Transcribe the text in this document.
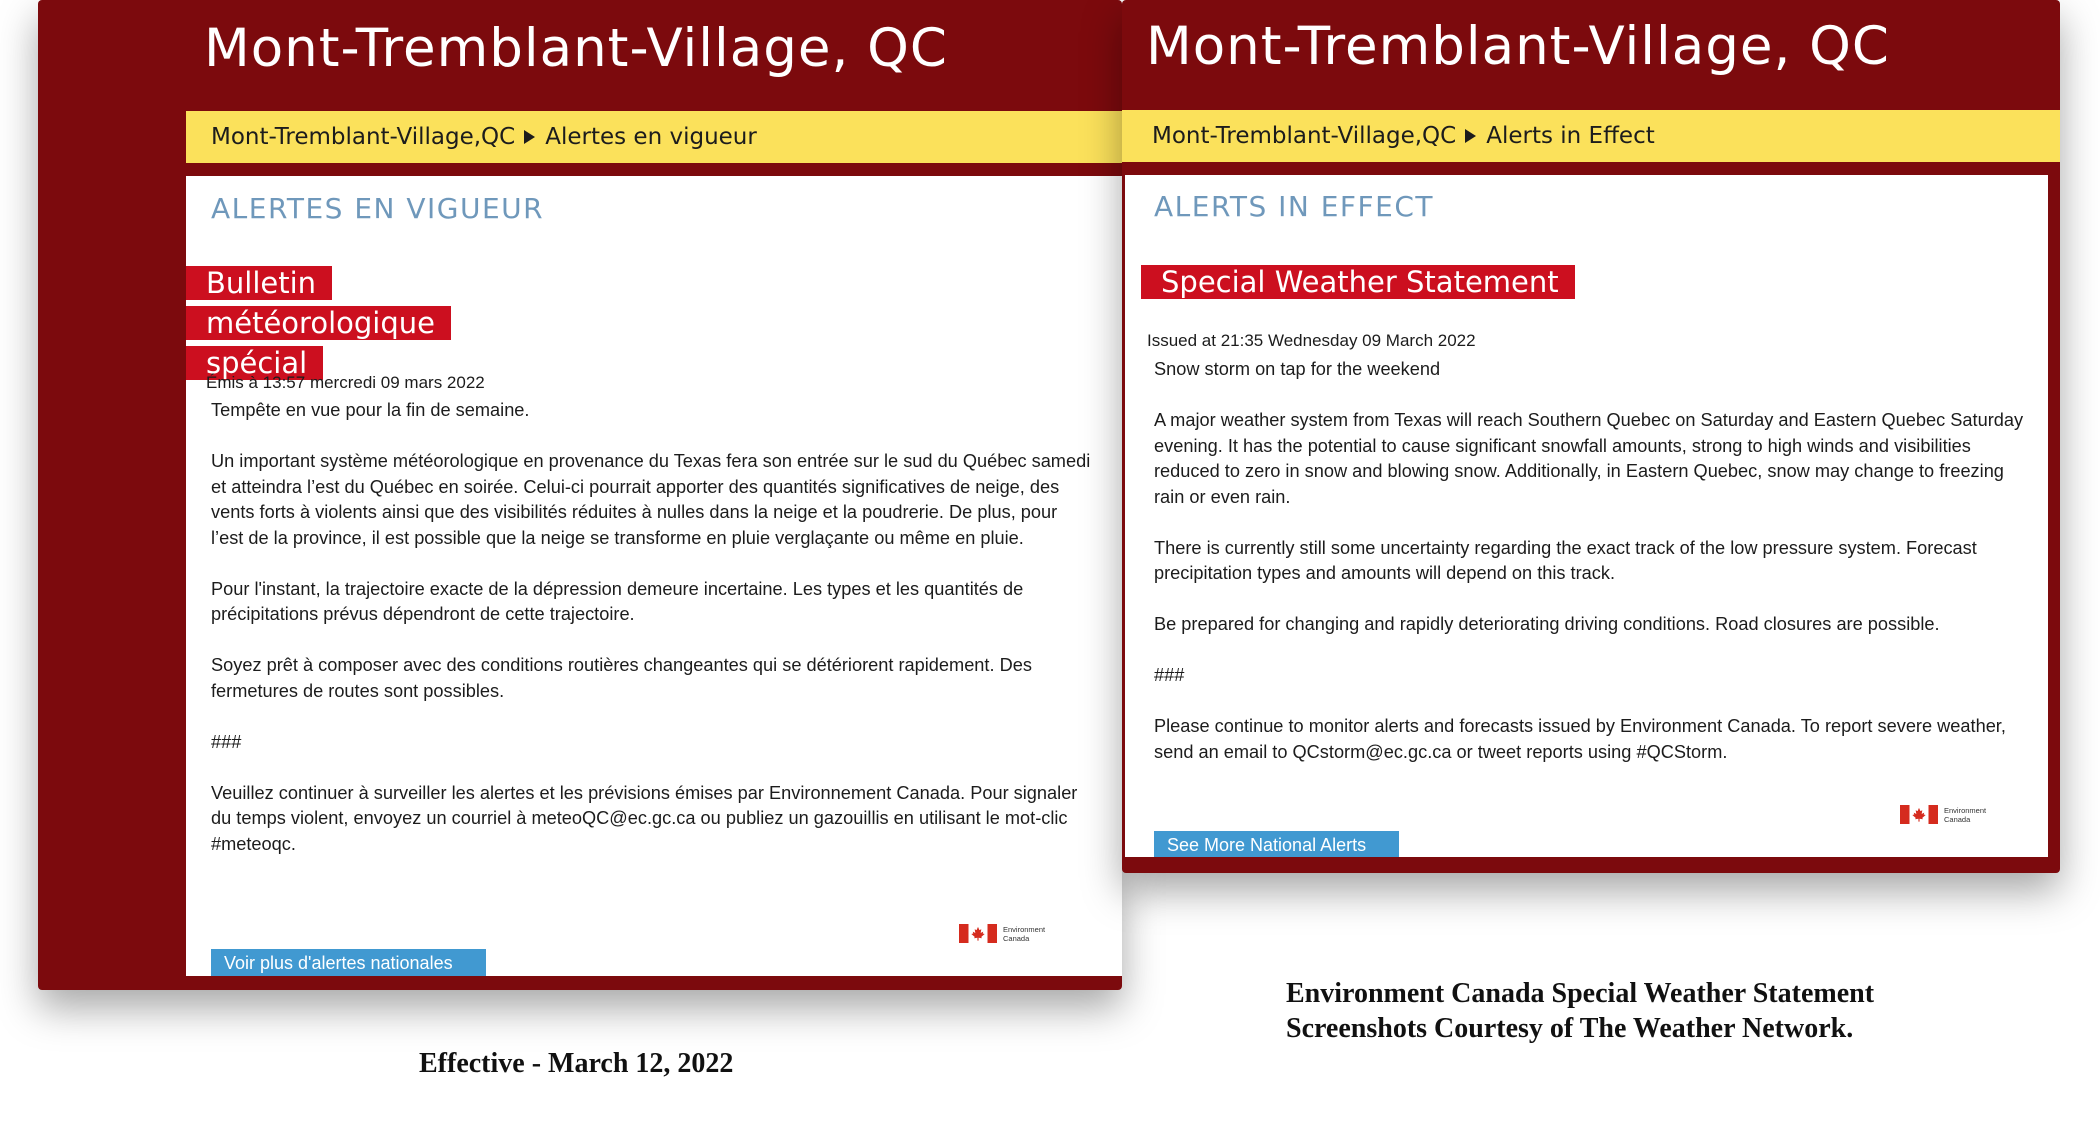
Mont-Tremblant-Village, QC
Mont-Tremblant-Village,QC Alertes en vigueur
ALERTES EN VIGUEUR
Bulletin météorologique spécial
Émis à 13:57 mercredi 09 mars 2022

Tempête en vue pour la fin de semaine.

Un important système météorologique en provenance du Texas fera son entrée sur le sud du Québec samedi et atteindra l’est du Québec en soirée. Celui-ci pourrait apporter des quantités significatives de neige, des vents forts à violents ainsi que des visibilités réduites à nulles dans la neige et la poudrerie. De plus, pour l’est de la province, il est possible que la neige se transforme en pluie verglaçante ou même en pluie.

Pour l'instant, la trajectoire exacte de la dépression demeure incertaine. Les types et les quantités de précipitations prévus dépendront de cette trajectoire.

Soyez prêt à composer avec des conditions routières changeantes qui se détériorent rapidement. Des fermetures de routes sont possibles.

###

Veuillez continuer à surveiller les alertes et les prévisions émises par Environnement Canada. Pour signaler du temps violent, envoyez un courriel à meteoQC@ec.gc.ca ou publiez un gazouillis en utilisant le mot-clic #meteoqc.

Environment
Canada
Voir plus d'alertes nationales
Mont-Tremblant-Village, QC
Mont-Tremblant-Village,QC Alerts in Effect
ALERTS IN EFFECT
Special Weather Statement
Issued at 21:35 Wednesday 09 March 2022

Snow storm on tap for the weekend

A major weather system from Texas will reach Southern Quebec on Saturday and Eastern Quebec Saturday evening. It has the potential to cause significant snowfall amounts, strong to high winds and visibilities reduced to zero in snow and blowing snow. Additionally, in Eastern Quebec, snow may change to freezing rain or even rain.

There is currently still some uncertainty regarding the exact track of the low pressure system. Forecast precipitation types and amounts will depend on this track.

Be prepared for changing and rapidly deteriorating driving conditions. Road closures are possible.

###

Please continue to monitor alerts and forecasts issued by Environment Canada. To report severe weather, send an email to QCstorm@ec.gc.ca or tweet reports using #QCStorm.

Environment
Canada
See More National Alerts
Environment Canada Special Weather Statement
Screenshots Courtesy of The Weather Network.
Effective - March 12, 2022
